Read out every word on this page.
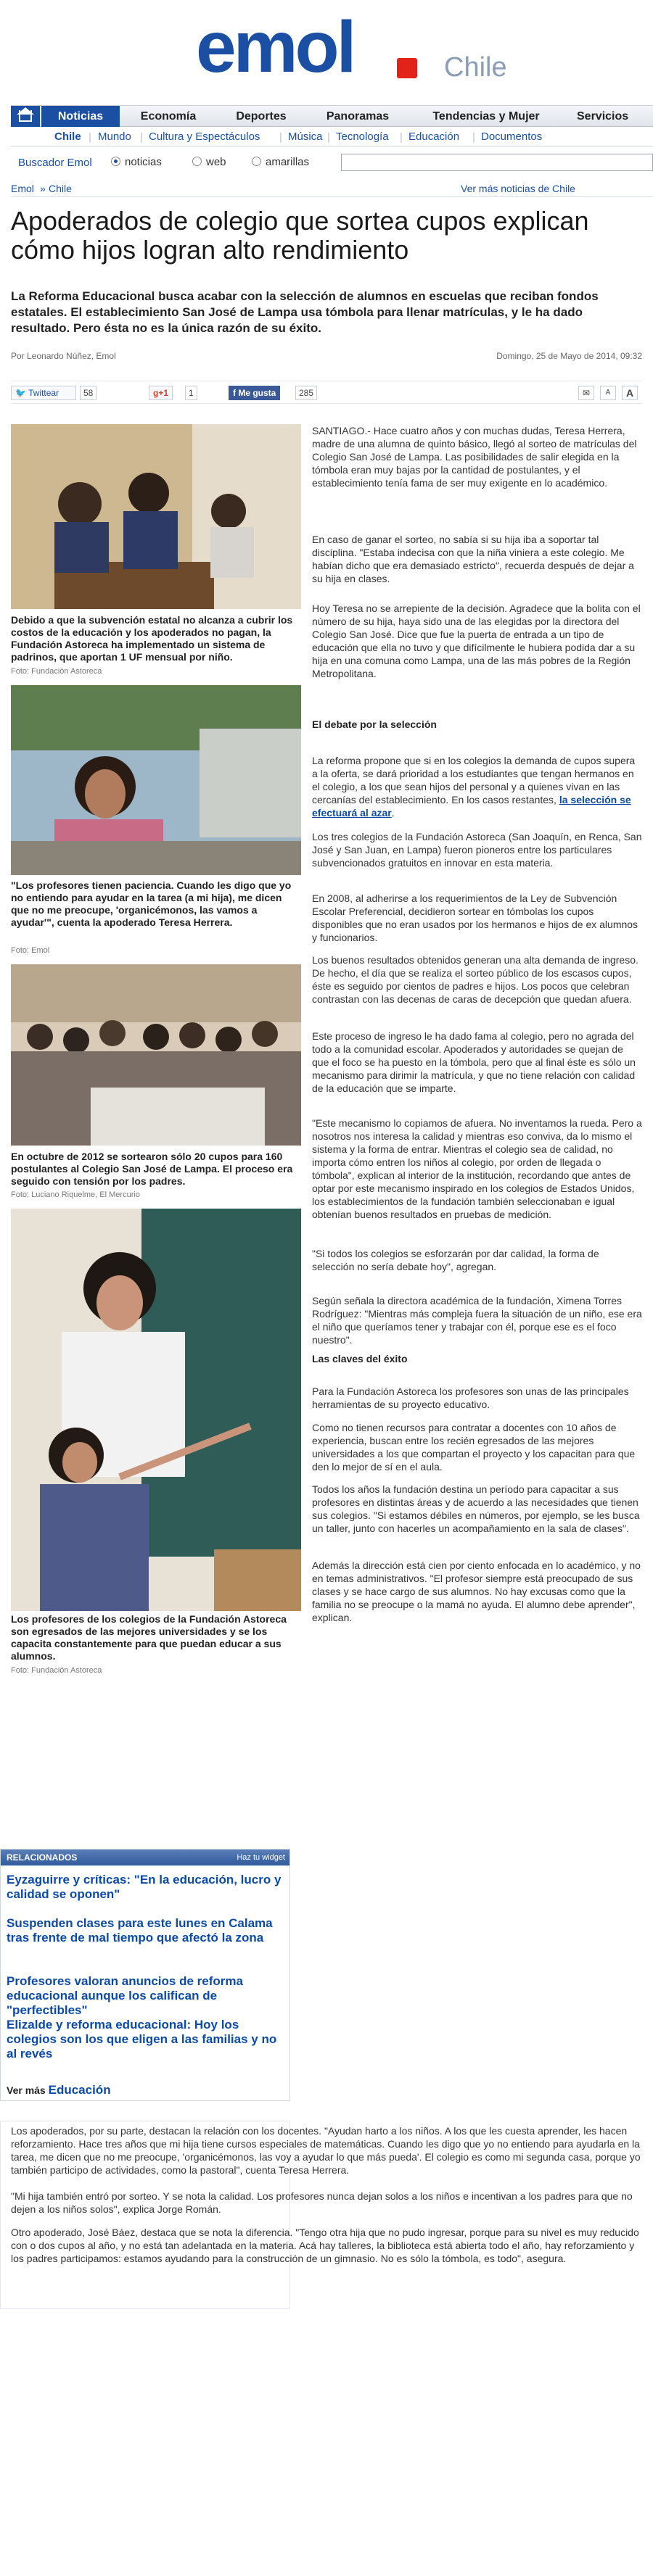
emol	Chile
Noticias	Economía	Deportes	Panoramas	Tendencias y Mujer	Servicios
Chile | Mundo | Cultura y Espectáculos | Música | Tecnología | Educación | Documentos
Buscador Emol	noticias	web	amarillas
Emol » Chile	Ver más noticias de Chile
Apoderados de colegio que sortea cupos explican cómo hijos logran alto rendimiento

La Reforma Educacional busca acabar con la selección de alumnos en escuelas que reciban fondos estatales. El establecimiento San José de Lampa usa tómbola para llenar matrículas, y le ha dado resultado. Pero ésta no es la única razón de su éxito.

Por Leonardo Núñez, Emol	Domingo, 25 de Mayo de 2014, 09:32
🐦 Twittear	58	g+1	1	f Me gusta	285	✉	A	A
Debido a que la subvención estatal no alcanza a cubrir los costos de la educación y los apoderados no pagan, la Fundación Astoreca ha implementado un sistema de padrinos, que aportan 1 UF mensual por niño.
Foto: Fundación Astoreca
"Los profesores tienen paciencia. Cuando les digo que yo no entiendo para ayudar en la tarea (a mi hija), me dicen que no me preocupe, 'organicémonos, las vamos a ayudar'", cuenta la apoderado Teresa Herrera.
Foto: Emol
En octubre de 2012 se sortearon sólo 20 cupos para 160 postulantes al Colegio San José de Lampa. El proceso era seguido con tensión por los padres.
Foto: Luciano Riquelme, El Mercurio
Los profesores de los colegios de la Fundación Astoreca son egresados de las mejores universidades y se los capacita constantemente para que puedan educar a sus alumnos.
Foto: Fundación Astoreca
RELACIONADOS	Haz tu widget
Eyzaguirre y críticas: "En la educación, lucro y calidad se oponen"
Suspenden clases para este lunes en Calama tras frente de mal tiempo que afectó la zona
Profesores valoran anuncios de reforma educacional aunque los califican de "perfectibles"
Elizalde y reforma educacional: Hoy los colegios son los que eligen a las familias y no al revés
Ver más Educación

SANTIAGO.- Hace cuatro años y con muchas dudas, Teresa Herrera, madre de una alumna de quinto básico, llegó al sorteo de matrículas del Colegio San José de Lampa. Las posibilidades de salir elegida en la tómbola eran muy bajas por la cantidad de postulantes, y el establecimiento tenía fama de ser muy exigente en lo académico.

En caso de ganar el sorteo, no sabía si su hija iba a soportar tal disciplina. "Estaba indecisa con que la niña viniera a este colegio. Me habían dicho que era demasiado estricto", recuerda después de dejar a su hija en clases.

Hoy Teresa no se arrepiente de la decisión. Agradece que la bolita con el número de su hija, haya sido una de las elegidas por la directora del Colegio San José. Dice que fue la puerta de entrada a un tipo de educación que ella no tuvo y que difícilmente le hubiera podida dar a su hija en una comuna como Lampa, una de las más pobres de la Región Metropolitana.

El debate por la selección

La reforma propone que si en los colegios la demanda de cupos supera a la oferta, se dará prioridad a los estudiantes que tengan hermanos en el colegio, a los que sean hijos del personal y a quienes vivan en las cercanías del establecimiento. En los casos restantes, la selección se efectuará al azar.

Los tres colegios de la Fundación Astoreca (San Joaquín, en Renca, San José y San Juan, en Lampa) fueron pioneros entre los particulares subvencionados gratuitos en innovar en esta materia.

En 2008, al adherirse a los requerimientos de la Ley de Subvención Escolar Preferencial, decidieron sortear en tómbolas los cupos disponibles que no eran usados por los hermanos e hijos de ex alumnos y funcionarios.

Los buenos resultados obtenidos generan una alta demanda de ingreso. De hecho, el día que se realiza el sorteo público de los escasos cupos, éste es seguido por cientos de padres e hijos. Los pocos que celebran contrastan con las decenas de caras de decepción que quedan afuera.

Este proceso de ingreso le ha dado fama al colegio, pero no agrada del todo a la comunidad escolar. Apoderados y autoridades se quejan de que el foco se ha puesto en la tómbola, pero que al final éste es sólo un mecanismo para dirimir la matrícula, y que no tiene relación con calidad de la educación que se imparte.

"Este mecanismo lo copiamos de afuera. No inventamos la rueda. Pero a nosotros nos interesa la calidad y mientras eso conviva, da lo mismo el sistema y la forma de entrar. Mientras el colegio sea de calidad, no importa cómo entren los niños al colegio, por orden de llegada o tómbola", explican al interior de la institución, recordando que antes de optar por este mecanismo inspirado en los colegios de Estados Unidos, los establecimientos de la fundación también seleccionaban e igual obtenían buenos resultados en pruebas de medición.

"Si todos los colegios se esforzarán por dar calidad, la forma de selección no sería debate hoy", agregan.

Según señala la directora académica de la fundación, Ximena Torres Rodríguez: "Mientras más compleja fuera la situación de un niño, ese era el niño que queríamos tener y trabajar con él, porque ese es el foco nuestro".

Las claves del éxito

Para la Fundación Astoreca los profesores son unas de las principales herramientas de su proyecto educativo.

Como no tienen recursos para contratar a docentes con 10 años de experiencia, buscan entre los recién egresados de las mejores universidades a los que compartan el proyecto y los capacitan para que den lo mejor de sí en el aula.

Todos los años la fundación destina un período para capacitar a sus profesores en distintas áreas y de acuerdo a las necesidades que tienen sus colegios. "Si estamos débiles en números, por ejemplo, se les busca un taller, junto con hacerles un acompañamiento en la sala de clases".

Además la dirección está cien por ciento enfocada en lo académico, y no en temas administrativos. "El profesor siempre está preocupado de sus clases y se hace cargo de sus alumnos. No hay excusas como que la familia no se preocupe o la mamá no ayuda. El alumno debe aprender", explican.

Los apoderados, por su parte, destacan la relación con los docentes. "Ayudan harto a los niños. A los que les cuesta aprender, les hacen reforzamiento. Hace tres años que mi hija tiene cursos especiales de matemáticas. Cuando les digo que yo no entiendo para ayudarla en la tarea, me dicen que no me preocupe, 'organicémonos, las voy a ayudar lo que más pueda'. El colegio es como mi segunda casa, porque yo también participo de actividades, como la pastoral", cuenta Teresa Herrera.

"Mi hija también entró por sorteo. Y se nota la calidad. Los profesores nunca dejan solos a los niños e incentivan a los padres para que no dejen a los niños solos", explica Jorge Román.

Otro apoderado, José Báez, destaca que se nota la diferencia. "Tengo otra hija que no pudo ingresar, porque para su nivel es muy reducido con o dos cupos al año, y no está tan adelantada en la materia. Acá hay talleres, la biblioteca está abierta todo el año, hay reforzamiento y los padres participamos: estamos ayudando para la construcción de un gimnasio. No es sólo la tómbola, es todo", asegura.
